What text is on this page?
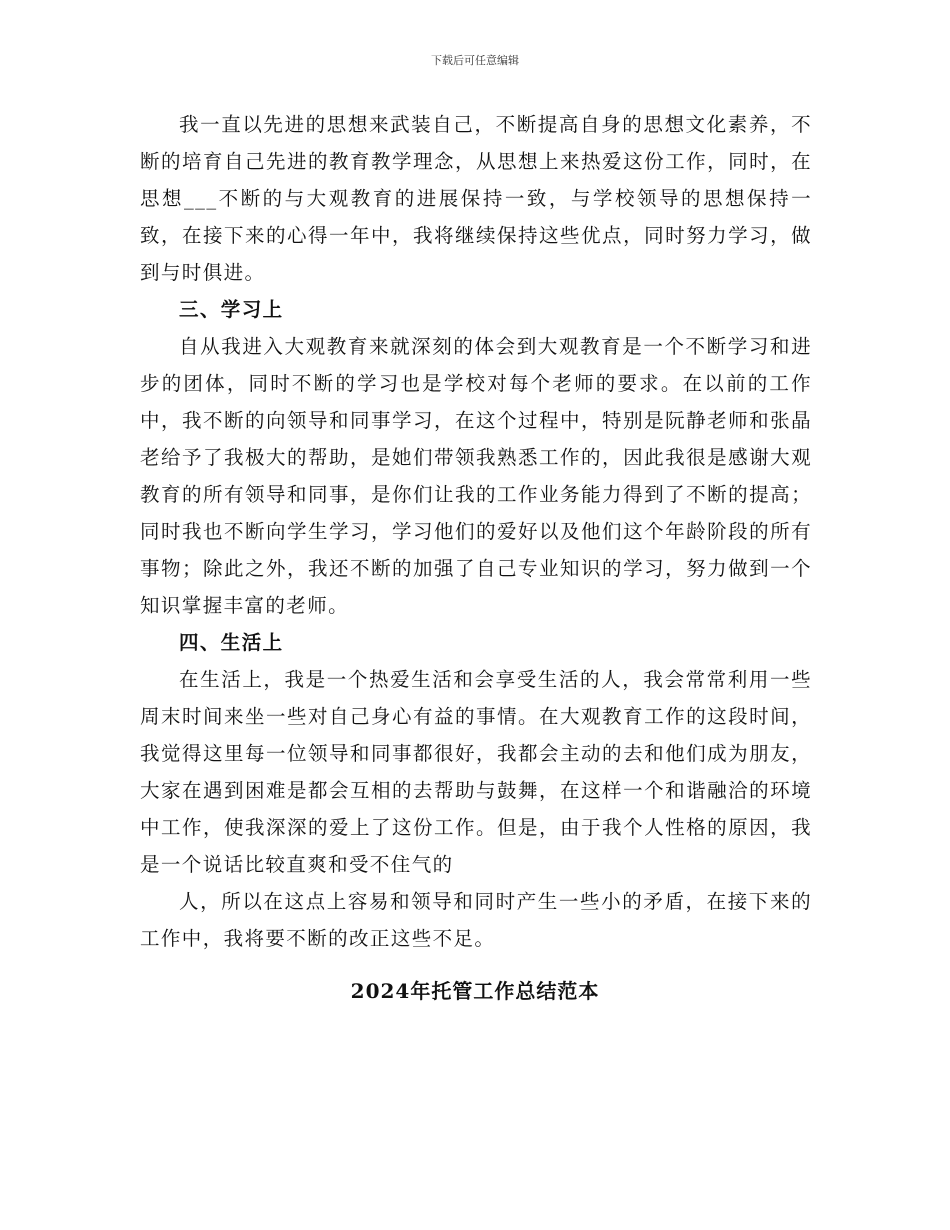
下载后可任意编辑

我一直以先进的思想来武装自己，不断提高自身的思想文化素养，不断的培育自己先进的教育教学理念，从思想上来热爱这份工作，同时，在思想___不断的与大观教育的进展保持一致，与学校领导的思想保持一致，在接下来的心得一年中，我将继续保持这些优点，同时努力学习，做到与时俱进。

三、学习上

自从我进入大观教育来就深刻的体会到大观教育是一个不断学习和进步的团体，同时不断的学习也是学校对每个老师的要求。在以前的工作中，我不断的向领导和同事学习，在这个过程中，特别是阮静老师和张晶老给予了我极大的帮助，是她们带领我熟悉工作的，因此我很是感谢大观教育的所有领导和同事，是你们让我的工作业务能力得到了不断的提高；同时我也不断向学生学习，学习他们的爱好以及他们这个年龄阶段的所有事物；除此之外，我还不断的加强了自己专业知识的学习，努力做到一个知识掌握丰富的老师。

四、生活上

在生活上，我是一个热爱生活和会享受生活的人，我会常常利用一些周末时间来坐一些对自己身心有益的事情。在大观教育工作的这段时间，我觉得这里每一位领导和同事都很好，我都会主动的去和他们成为朋友，大家在遇到困难是都会互相的去帮助与鼓舞，在这样一个和谐融洽的环境中工作，使我深深的爱上了这份工作。但是，由于我个人性格的原因，我是一个说话比较直爽和受不住气的

人，所以在这点上容易和领导和同时产生一些小的矛盾，在接下来的工作中，我将要不断的改正这些不足。

2024年托管工作总结范本
